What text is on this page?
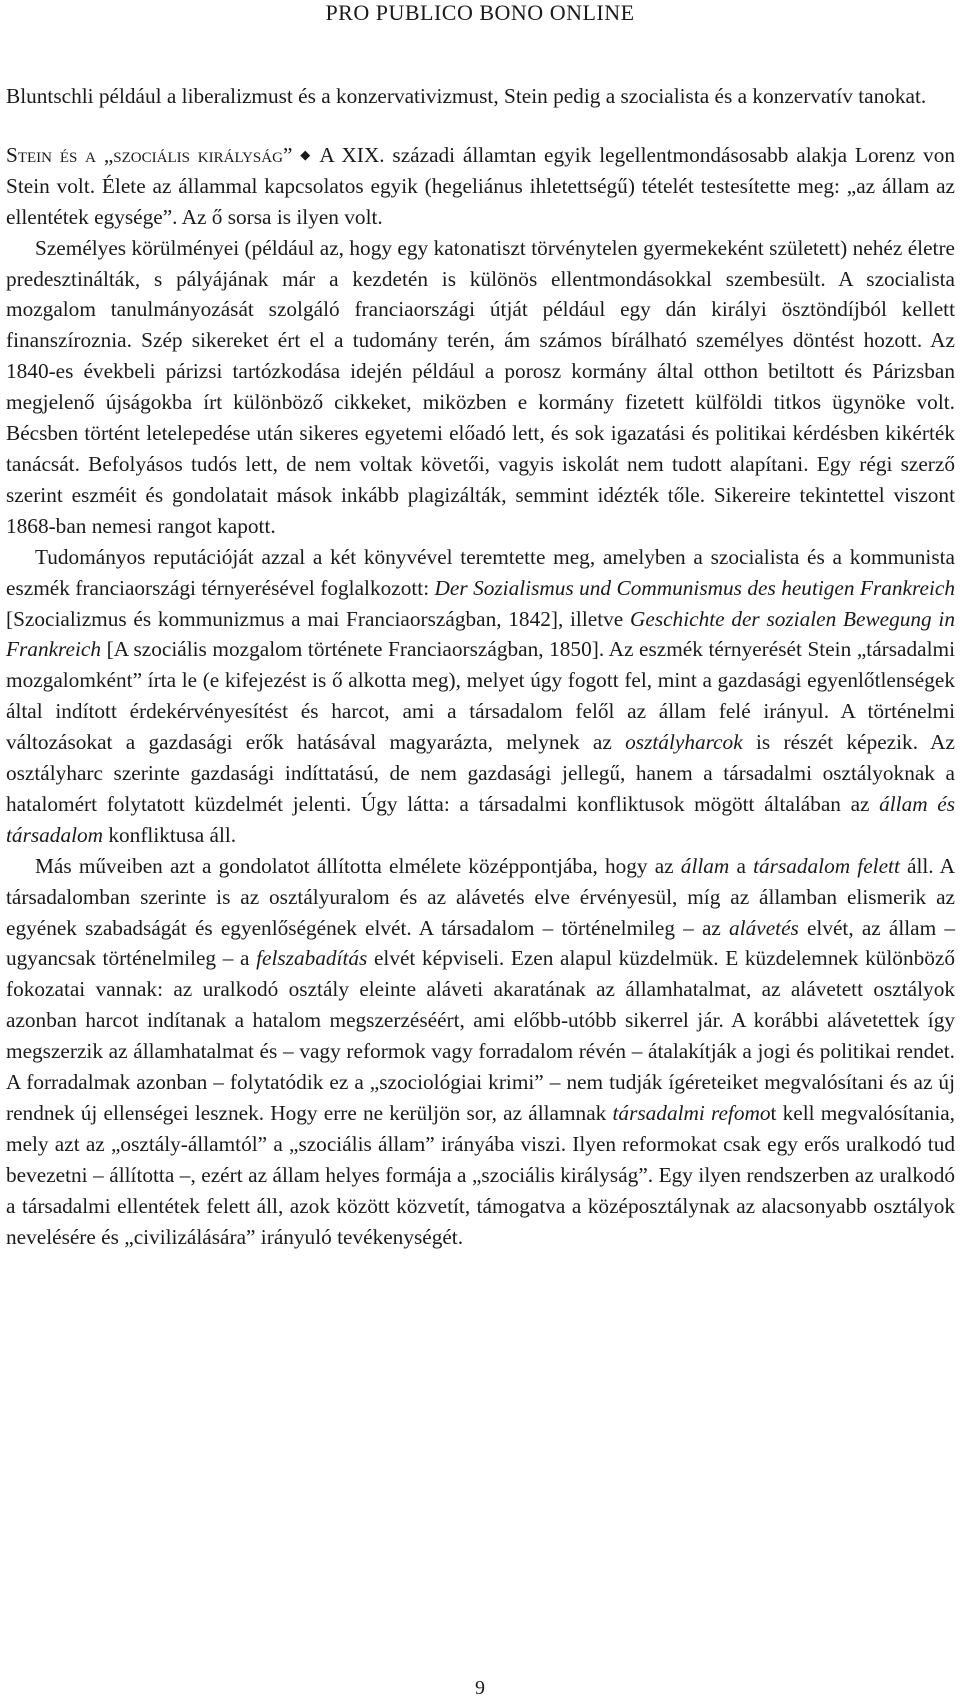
PRO PUBLICO BONO ONLINE

Bluntschli például a liberalizmust és a konzervativizmust, Stein pedig a szocialista és a konzervatív tanokat.

Stein és a „szociális királyság” ◆ A XIX. századi államtan egyik legellentmondásosabb alakja Lorenz von Stein volt. Élete az állammal kapcsolatos egyik (hegeliánus ihletettségű) tételét testesítette meg: „az állam az ellentétek egysége”. Az ő sorsa is ilyen volt.

Személyes körülményei (például az, hogy egy katonatiszt törvénytelen gyermekeként született) nehéz életre predesztinálták, s pályájának már a kezdetén is különös ellentmondásokkal szembesült. A szocialista mozgalom tanulmányozását szolgáló franciaországi útját például egy dán királyi ösztöndíjból kellett finanszíroznia. Szép sikereket ért el a tudomány terén, ám számos bírálható személyes döntést hozott. Az 1840-es évekbeli párizsi tartózkodása idején például a porosz kormány által otthon betiltott és Párizsban megjelenő újságokba írt különböző cikkeket, miközben e kormány fizetett külföldi titkos ügynöke volt. Bécsben történt letelepedése után sikeres egyetemi előadó lett, és sok igazatási és politikai kérdésben kikérték tanácsát. Befolyásos tudós lett, de nem voltak követői, vagyis iskolát nem tudott alapítani. Egy régi szerző szerint eszméit és gondolatait mások inkább plagizálták, semmint idézték tőle. Sikereire tekintettel viszont 1868-ban nemesi rangot kapott.

Tudományos reputációját azzal a két könyvével teremtette meg, amelyben a szocialista és a kommunista eszmék franciaországi térnyerésével foglalkozott: Der Sozialismus und Communismus des heutigen Frankreich [Szocializmus és kommunizmus a mai Franciaországban, 1842], illetve Geschichte der sozialen Bewegung in Frankreich [A szociális mozgalom története Franciaországban, 1850]. Az eszmék térnyerését Stein „társadalmi mozgalomként” írta le (e kifejezést is ő alkotta meg), melyet úgy fogott fel, mint a gazdasági egyenlőtlenségek által indított érdekérvényesítést és harcot, ami a társadalom felől az állam felé irányul. A történelmi változásokat a gazdasági erők hatásával magyarázta, melynek az osztályharcok is részét képezik. Az osztályharc szerinte gazdasági indíttatású, de nem gazdasági jellegű, hanem a társadalmi osztályoknak a hatalomért folytatott küzdelmét jelenti. Úgy látta: a társadalmi konfliktusok mögött általában az állam és társadalom konfliktusa áll.

Más műveiben azt a gondolatot állította elmélete középpontjába, hogy az állam a társadalom felett áll. A társadalomban szerinte is az osztályuralom és az alávetés elve érvényesül, míg az államban elismerik az egyének szabadságát és egyenlőségének elvét. A társadalom – történelmileg – az alávetés elvét, az állam – ugyancsak történelmileg – a felszabadítás elvét képviseli. Ezen alapul küzdelmük. E küzdelemnek különböző fokozatai vannak: az uralkodó osztály eleinte aláveti akaratának az államhatalmat, az alávetett osztályok azonban harcot indítanak a hatalom megszerzéséért, ami előbb-utóbb sikerrel jár. A korábbi alávetettek így megszerzik az államhatalmat és – vagy reformok vagy forradalom révén – átalakítják a jogi és politikai rendet. A forradalmak azonban – folytatódik ez a „szociológiai krimi” – nem tudják ígéreteiket megvalósítani és az új rendnek új ellenségei lesznek. Hogy erre ne kerüljön sor, az államnak társadalmi refomot kell megvalósítania, mely azt az „osztály-államtól” a „szociális állam” irányába viszi. Ilyen reformokat csak egy erős uralkodó tud bevezetni – állította –, ezért az állam helyes formája a „szociális királyság”. Egy ilyen rendszerben az uralkodó a társadalmi ellentétek felett áll, azok között közvetít, támogatva a középosztálynak az alacsonyabb osztályok nevelésére és „civilizálására” irányuló tevékenységét.

9
